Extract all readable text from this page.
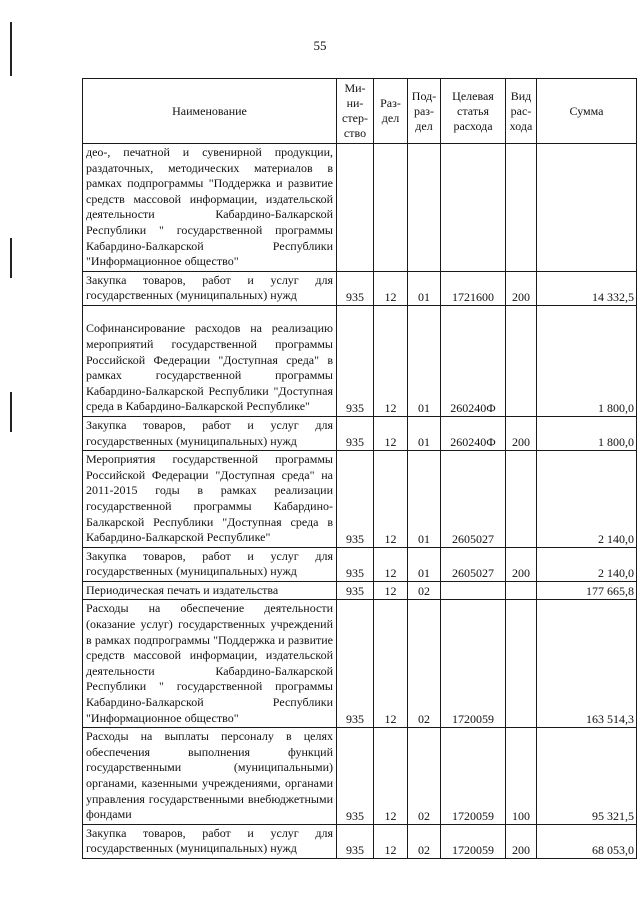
55
Наименование	Ми-ни-стер-ство	Раз-дел	Под-раз-дел	Целевая статья расхода	Вид рас-хода	Сумма
део-, печатной и сувенирной продукции, раздаточных, методических материалов в рамках подпрограммы "Поддержка и развитие средств массовой информации, издательской деятельности Кабардино-Балкарской Республики " государственной программы Кабардино-Балкарской Республики "Информационное общество"						
Закупка товаров, работ и услуг для государственных (муниципальных) нужд	935	12	01	1721600	200	14 332,5
Софинансирование расходов на реализацию мероприятий государственной программы Российской Федерации "Доступная среда" в рамках государственной программы Кабардино-Балкарской Республики "Доступная среда в Кабардино-Балкарской Республике"	935	12	01	260240Ф		1 800,0
Закупка товаров, работ и услуг для государственных (муниципальных) нужд	935	12	01	260240Ф	200	1 800,0
Мероприятия государственной программы Российской Федерации "Доступная среда" на 2011-2015 годы в рамках реализации государственной программы Кабардино-Балкарской Республики "Доступная среда в Кабардино-Балкарской Республике"	935	12	01	2605027		2 140,0
Закупка товаров, работ и услуг для государственных (муниципальных) нужд	935	12	01	2605027	200	2 140,0
Периодическая печать и издательства	935	12	02			177 665,8
Расходы на обеспечение деятельности (оказание услуг) государственных учреждений в рамках подпрограммы "Поддержка и развитие средств массовой информации, издательской деятельности Кабардино-Балкарской Республики " государственной программы Кабардино-Балкарской Республики "Информационное общество"	935	12	02	1720059		163 514,3
Расходы на выплаты персоналу в целях обеспечения выполнения функций государственными (муниципальными) органами, казенными учреждениями, органами управления государственными внебюджетными фондами	935	12	02	1720059	100	95 321,5
Закупка товаров, работ и услуг для государственных (муниципальных) нужд	935	12	02	1720059	200	68 053,0
